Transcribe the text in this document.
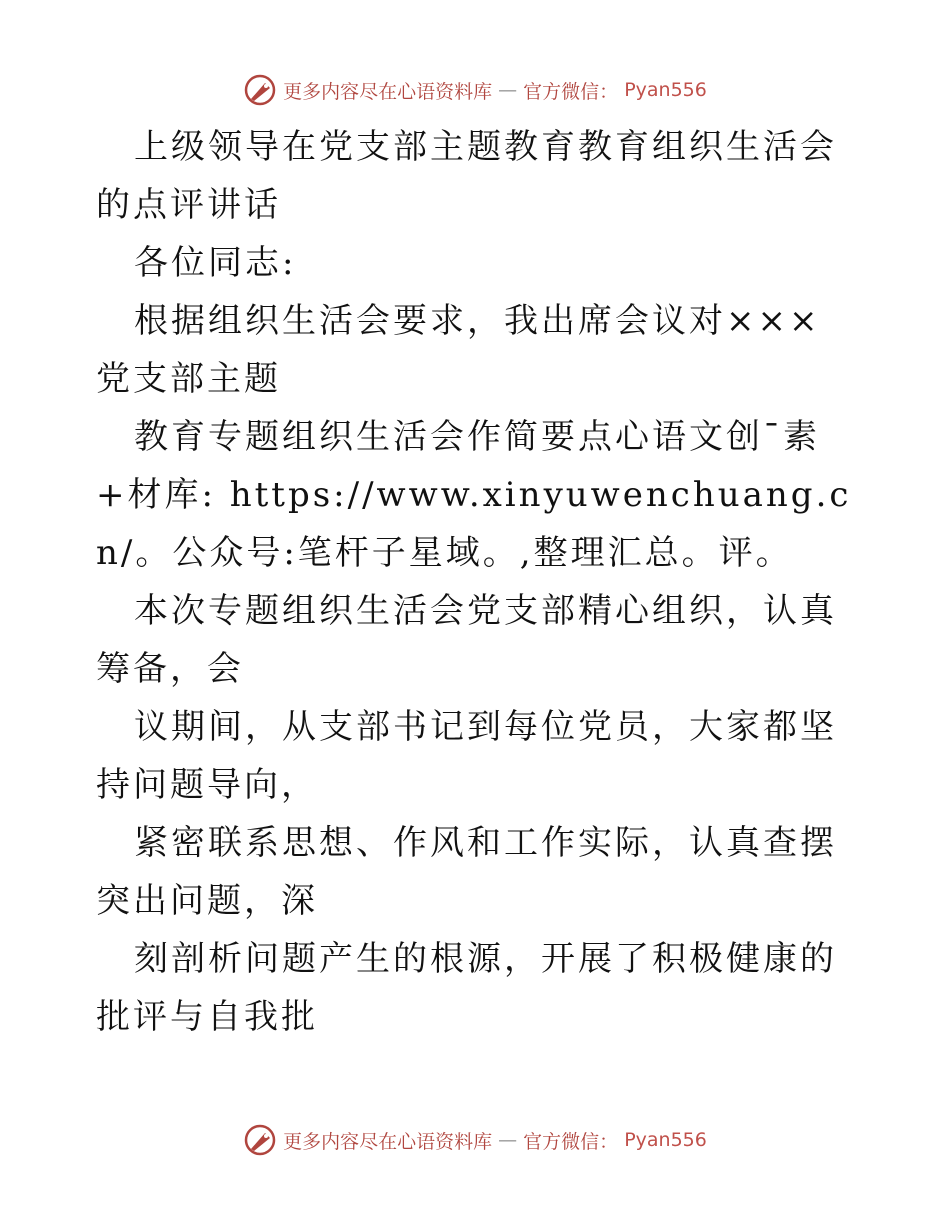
更多内容尽在心语资料库 — 官方微信： Pyan556

上级领导在党支部主题教育教育组织生活会的点评讲话

各位同志:

根据组织生活会要求，我出席会议对×××党支部主题

教育专题组织生活会作简要点心语文创¯素+材库: https://www.xinyuwenchuang.cn/。公众号:笔杆子星域。,整理汇总。评。

本次专题组织生活会党支部精心组织，认真筹备，会

议期间，从支部书记到每位党员，大家都坚持问题导向，

紧密联系思想、作风和工作实际，认真查摆突出问题，深

刻剖析问题产生的根源，开展了积极健康的批评与自我批

更多内容尽在心语资料库 — 官方微信： Pyan556
